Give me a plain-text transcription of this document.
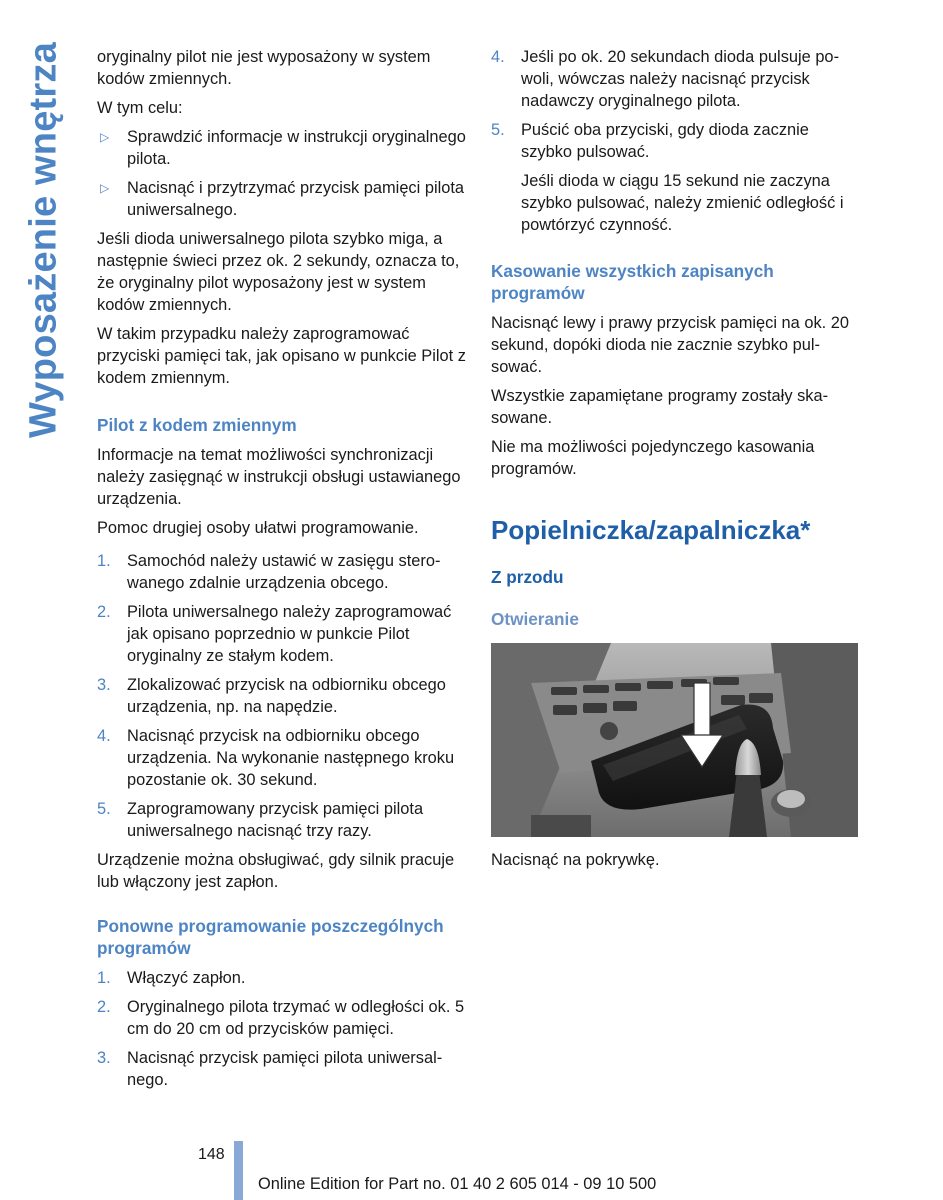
Wyposażenie wnętrza oryginalny pilot nie jest wyposażony w system kodów zmiennych.

W tym celu:

▷ Sprawdzić informacje w instrukcji oryginalnego pilota.
▷ Nacisnąć i przytrzymać przycisk pamięci pilota uniwersalnego.

Jeśli dioda uniwersalnego pilota szybko miga, a następnie świeci przez ok. 2 sekundy, oznacza to, że oryginalny pilot wyposażony jest w system kodów zmiennych.

W takim przypadku należy zaprogramować przyciski pamięci tak, jak opisano w punkcie Pilot z kodem zmiennym.

Pilot z kodem zmiennym

Informacje na temat możliwości synchronizacji należy zasięgnąć w instrukcji obsługi ustawianego urządzenia.

Pomoc drugiej osoby ułatwi programowanie.

1. Samochód należy ustawić w zasięgu sterowanego zdalnie urządzenia obcego.
2. Pilota uniwersalnego należy zaprogramować jak opisano poprzednio w punkcie Pilot oryginalny ze stałym kodem.
3. Zlokalizować przycisk na odbiorniku obcego urządzenia, np. na napędzie.
4. Nacisnąć przycisk na odbiorniku obcego urządzenia. Na wykonanie następnego kroku pozostanie ok. 30 sekund.
5. Zaprogramowany przycisk pamięci pilota uniwersalnego nacisnąć trzy razy.

Urządzenie można obsługiwać, gdy silnik pracuje lub włączony jest zapłon.

Ponowne programowanie poszczególnych programów
1. Włączyć zapłon.
2. Oryginalnego pilota trzymać w odległości ok. 5 cm do 20 cm od przycisków pamięci.
3. Nacisnąć przycisk pamięci pilota uniwersalnego.
4. Jeśli po ok. 20 sekundach dioda pulsuje powoli, wówczas należy nacisnąć przycisk nadawczy oryginalnego pilota.
5. Puścić oba przyciski, gdy dioda zacznie szybko pulsować.

Jeśli dioda w ciągu 15 sekund nie zaczyna szybko pulsować, należy zmienić odległość i powtórzyć czynność.

Kasowanie wszystkich zapisanych programów

Nacisnąć lewy i prawy przycisk pamięci na ok. 20 sekund, dopóki dioda nie zacznie szybko pulsować.

Wszystkie zapamiętane programy zostały skasowane.

Nie ma możliwości pojedynczego kasowania programów.

Popielniczka/zapalniczka*
Z przodu
Otwieranie

Nacisnąć na pokrywkę.

148
Online Edition for Part no. 01 40 2 605 014 - 09 10 500
